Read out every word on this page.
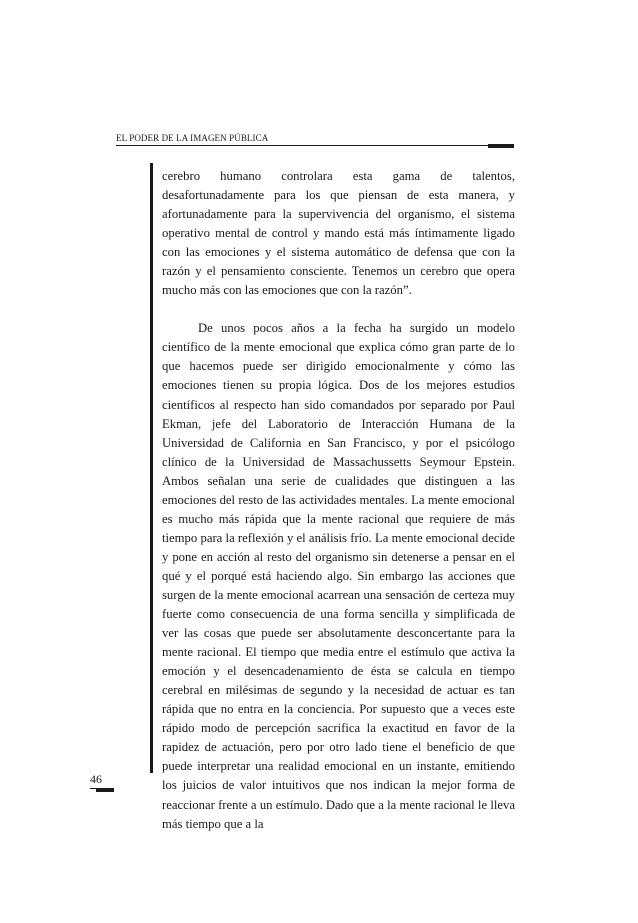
EL PODER DE LA IMAGEN PÚBLICA

cerebro humano controlara esta gama de talentos, desafortunadamente para los que piensan de esta manera, y afortunadamente para la supervivencia del organismo, el sistema operativo mental de control y mando está más íntimamente ligado con las emociones y el sistema automático de defensa que con la razón y el pensamiento consciente. Tenemos un cerebro que opera mucho más con las emociones que con la razón”.

De unos pocos años a la fecha ha surgido un modelo científico de la mente emocional que explica cómo gran parte de lo que hacemos puede ser dirigido emocionalmente y cómo las emociones tienen su propia lógica. Dos de los mejores estudios científicos al respecto han sido comandados por separado por Paul Ekman, jefe del Laboratorio de Interacción Humana de la Universidad de California en San Francisco, y por el psicólogo clínico de la Universidad de Massachussetts Seymour Epstein. Ambos señalan una serie de cualidades que distinguen a las emociones del resto de las actividades mentales. La mente emocional es mucho más rápida que la mente racional que requiere de más tiempo para la reflexión y el análisis frío. La mente emocional decide y pone en acción al resto del organismo sin detenerse a pensar en el qué y el porqué está haciendo algo. Sin embargo las acciones que surgen de la mente emocional acarrean una sensación de certeza muy fuerte como consecuencia de una forma sencilla y simplificada de ver las cosas que puede ser absolutamente desconcertante para la mente racional. El tiempo que media entre el estímulo que activa la emoción y el desencadenamiento de ésta se calcula en tiempo cerebral en milésimas de segundo y la necesidad de actuar es tan rápida que no entra en la conciencia. Por supuesto que a veces este rápido modo de percepción sacrifica la exactitud en favor de la rapidez de actuación, pero por otro lado tiene el beneficio de que puede interpretar una realidad emocional en un instante, emitiendo los juicios de valor intuitivos que nos indican la mejor forma de reaccionar frente a un estímulo. Dado que a la mente racional le lleva más tiempo que a la

46
